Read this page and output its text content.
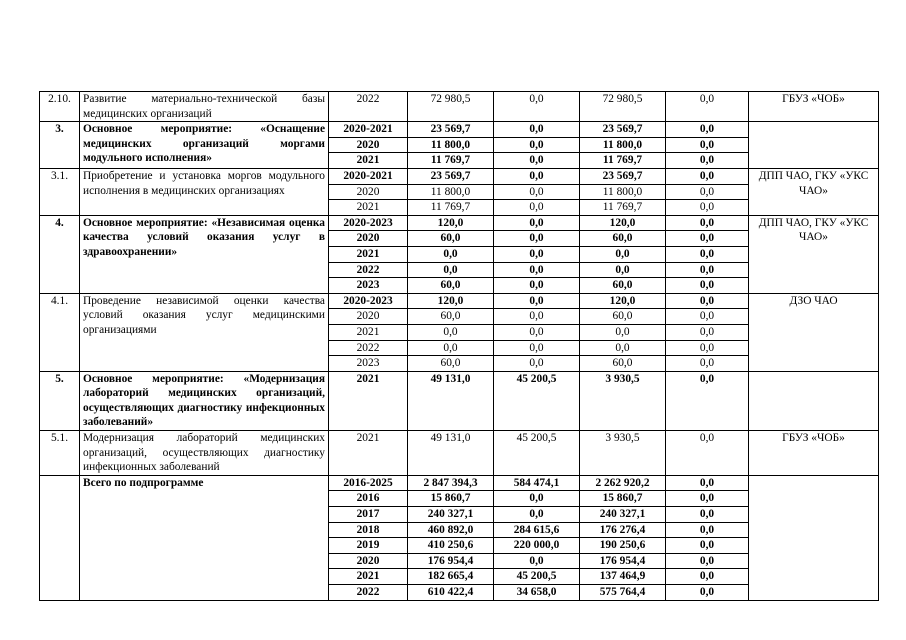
2.10.	Развитие материально-технической базы медицинских организаций	2022	72 980,5	0,0	72 980,5	0,0	ГБУЗ «ЧОБ»
3.	Основное мероприятие: «Оснащение медицинских организаций моргами модульного исполнения»	2020-2021	23 569,7	0,0	23 569,7	0,0	
		2020	11 800,0	0,0	11 800,0	0,0	
		2021	11 769,7	0,0	11 769,7	0,0	
3.1.	Приобретение и установка моргов модульного исполнения в медицинских организациях	2020-2021	23 569,7	0,0	23 569,7	0,0	ДПП ЧАО, ГКУ «УКС ЧАО»
		2020	11 800,0	0,0	11 800,0	0,0	
		2021	11 769,7	0,0	11 769,7	0,0	
4.	Основное мероприятие: «Независимая оценка качества условий оказания услуг в здравоохранении»	2020-2023	120,0	0,0	120,0	0,0	ДПП ЧАО, ГКУ «УКС ЧАО»
		2020	60,0	0,0	60,0	0,0	
		2021	0,0	0,0	0,0	0,0	
		2022	0,0	0,0	0,0	0,0	
		2023	60,0	0,0	60,0	0,0	
4.1.	Проведение независимой оценки качества условий оказания услуг медицинскими организациями	2020-2023	120,0	0,0	120,0	0,0	ДЗО ЧАО
		2020	60,0	0,0	60,0	0,0	
		2021	0,0	0,0	0,0	0,0	
		2022	0,0	0,0	0,0	0,0	
		2023	60,0	0,0	60,0	0,0	
5.	Основное мероприятие: «Модернизация лабораторий медицинских организаций, осуществляющих диагностику инфекционных заболеваний»	2021	49 131,0	45 200,5	3 930,5	0,0	
5.1.	Модернизация лабораторий медицинских организаций, осуществляющих диагностику инфекционных заболеваний	2021	49 131,0	45 200,5	3 930,5	0,0	ГБУЗ «ЧОБ»
	Всего по подпрограмме	2016-2025	2 847 394,3	584 474,1	2 262 920,2	0,0	
		2016	15 860,7	0,0	15 860,7	0,0	
		2017	240 327,1	0,0	240 327,1	0,0	
		2018	460 892,0	284 615,6	176 276,4	0,0	
		2019	410 250,6	220 000,0	190 250,6	0,0	
		2020	176 954,4	0,0	176 954,4	0,0	
		2021	182 665,4	45 200,5	137 464,9	0,0	
		2022	610 422,4	34 658,0	575 764,4	0,0	
